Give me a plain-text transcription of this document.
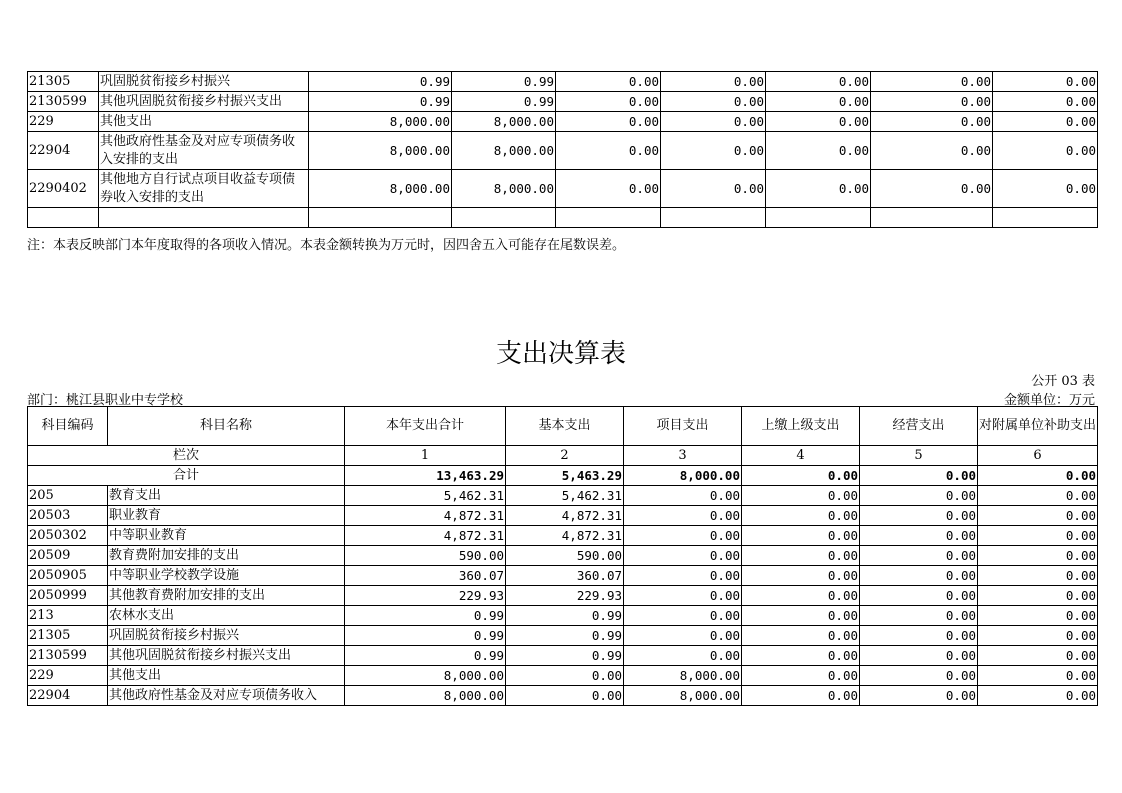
21305	巩固脱贫衔接乡村振兴	0.99	0.99	0.00	0.00	0.00	0.00	0.00
2130599	其他巩固脱贫衔接乡村振兴支出	0.99	0.99	0.00	0.00	0.00	0.00	0.00
229	其他支出	8,000.00	8,000.00	0.00	0.00	0.00	0.00	0.00
22904	其他政府性基金及对应专项债务收入安排的支出	8,000.00	8,000.00	0.00	0.00	0.00	0.00	0.00
2290402	其他地方自行试点项目收益专项债券收入安排的支出	8,000.00	8,000.00	0.00	0.00	0.00	0.00	0.00

注：本表反映部门本年度取得的各项收入情况。本表金额转换为万元时，因四舍五入可能存在尾数误差。
支出决算表
公开 03 表
部门：桃江县职业中专学校	金额单位：万元
科目编码	科目名称	本年支出合计	基本支出	项目支出	上缴上级支出	经营支出	对附属单位补助支出
栏次		1	2	3	4	5	6
合计		13,463.29	5,463.29	8,000.00	0.00	0.00	0.00
205	教育支出	5,462.31	5,462.31	0.00	0.00	0.00	0.00
20503	职业教育	4,872.31	4,872.31	0.00	0.00	0.00	0.00
2050302	中等职业教育	4,872.31	4,872.31	0.00	0.00	0.00	0.00
20509	教育费附加安排的支出	590.00	590.00	0.00	0.00	0.00	0.00
2050905	中等职业学校教学设施	360.07	360.07	0.00	0.00	0.00	0.00
2050999	其他教育费附加安排的支出	229.93	229.93	0.00	0.00	0.00	0.00
213	农林水支出	0.99	0.99	0.00	0.00	0.00	0.00
21305	巩固脱贫衔接乡村振兴	0.99	0.99	0.00	0.00	0.00	0.00
2130599	其他巩固脱贫衔接乡村振兴支出	0.99	0.99	0.00	0.00	0.00	0.00
229	其他支出	8,000.00	0.00	8,000.00	0.00	0.00	0.00
22904	其他政府性基金及对应专项债务收入	8,000.00	0.00	8,000.00	0.00	0.00	0.00
